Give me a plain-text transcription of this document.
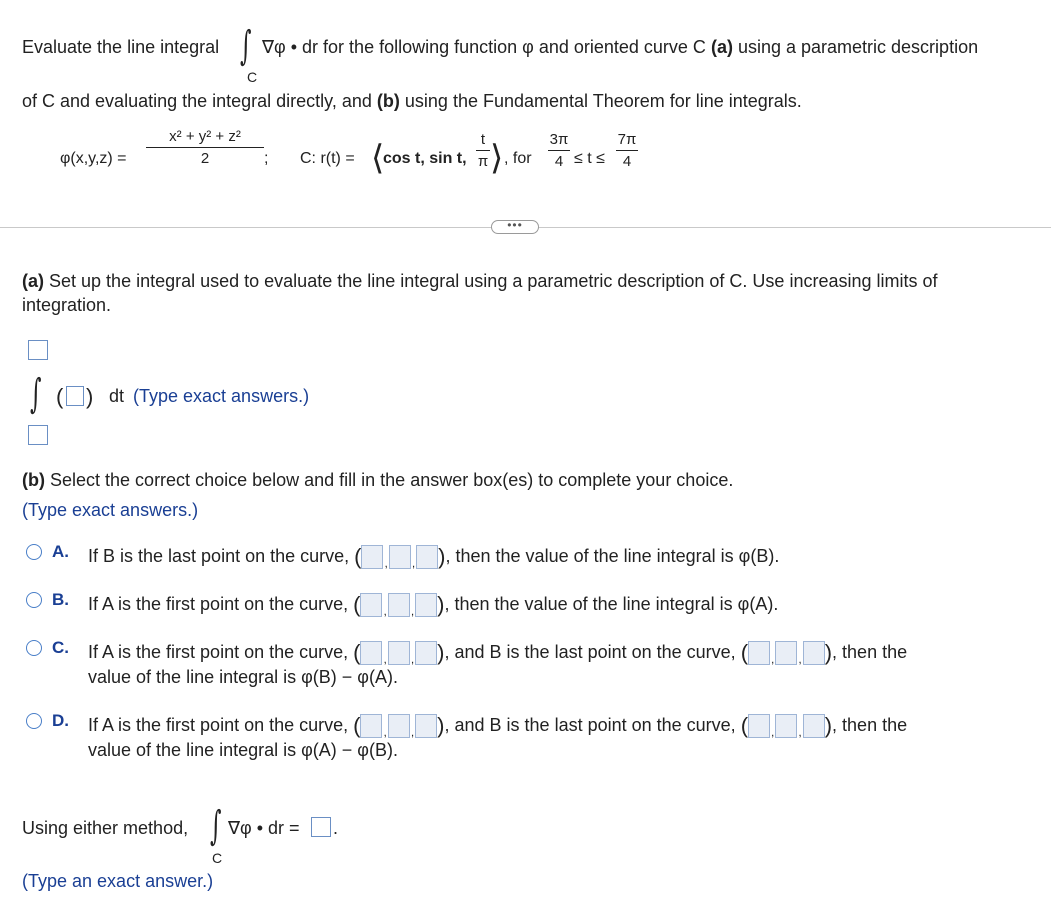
Evaluate the line integral ∫
C
∇φ • dr for the following function φ and oriented curve C (a) using a parametric description
of C and evaluating the integral directly, and (b) using the Fundamental Theorem for line integrals.
φ(x,y,z) =
x² + y² + z²
2	; C: r(t) = ⟨
cos t, sin t,
t
π ⟩ , for
3π
4 ≤ t ≤
7π
4
•••
(a) Set up the integral used to evaluate the line integral using a parametric description of C. Use increasing limits of
integration.
∫ ( ) dt (Type exact answers.)
(b) Select the correct choice below and fill in the answer box(es) to complete your choice.
(Type exact answers.)
A. If B is the last point on the curve, ( , , ), then the value of the line integral is φ(B).
B. If A is the first point on the curve, ( , , ), then the value of the line integral is φ(A).
C. If A is the first point on the curve, ( , , ), and B is the last point on the curve, ( , , ), then the
value of the line integral is φ(B) − φ(A).
D. If A is the first point on the curve, ( , , ), and B is the last point on the curve, ( , , ), then the
value of the line integral is φ(A) − φ(B).
Using either method, ∫
C
∇φ • dr = .
(Type an exact answer.)
